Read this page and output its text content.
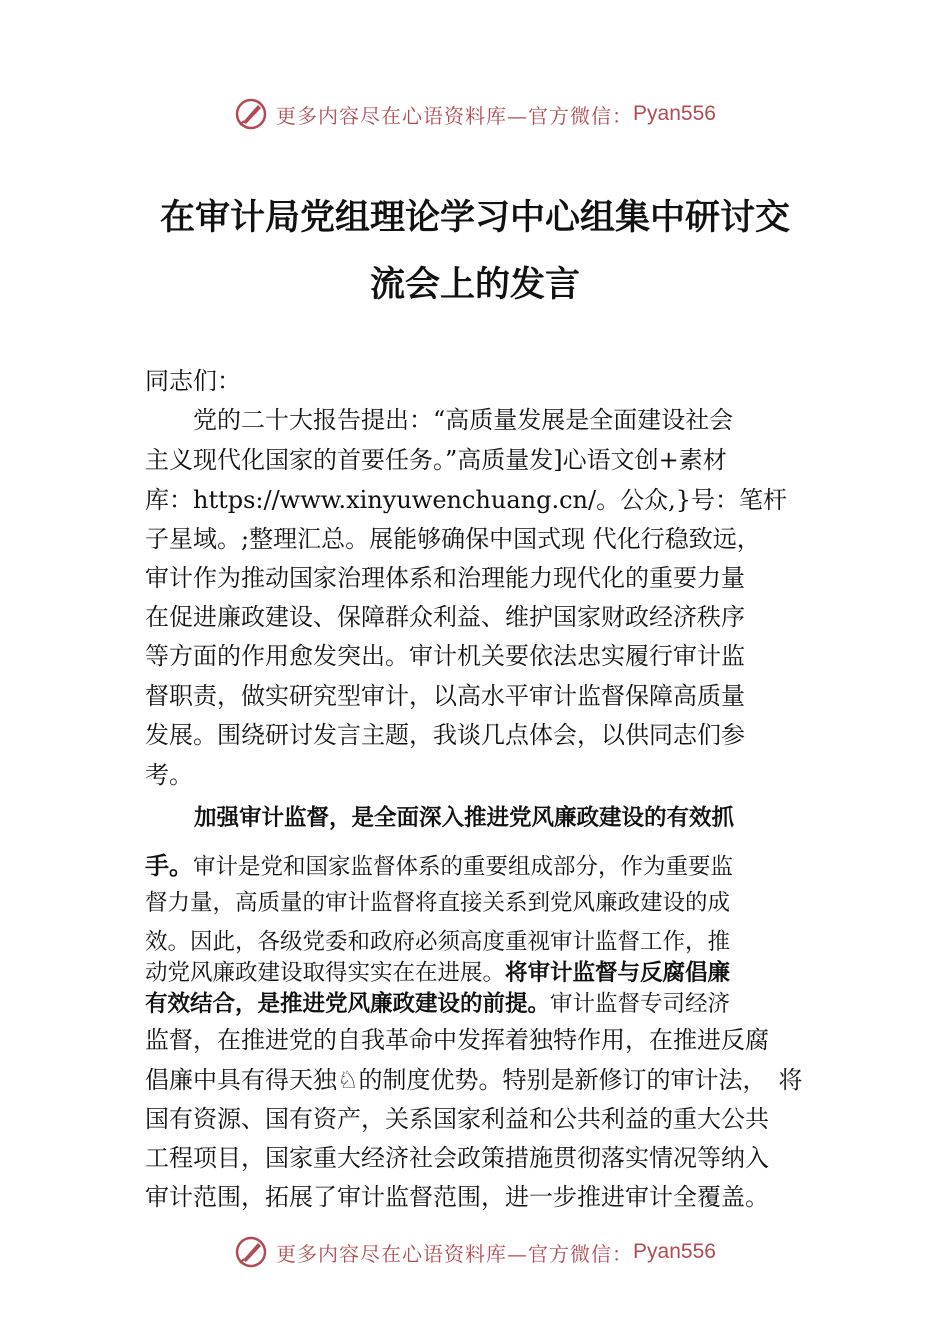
更多内容尽在心语资料库—官方微信： Pyan556
在审计局党组理论学习中心组集中研讨交
流会上的发言
同志们：
　　党的二十大报告提出：“高质量发展是全面建设社会
主义现代化国家的首要任务。”高质量发]心语文创+素材
库：https://www.xinyuwenchuang.cn/。公众,}号：笔杆
子星域。;整理汇总。展能够确保中国式现 代化行稳致远，
审计作为推动国家治理体系和治理能力现代化的重要力量
在促进廉政建设、保障群众利益、维护国家财政经济秩序
等方面的作用愈发突出。审计机关要依法忠实履行审计监
督职责，做实研究型审计，以高水平审计监督保障高质量
发展。围绕研讨发言主题，我谈几点体会，以供同志们参
考。
加强审计监督，是全面深入推进党风廉政建设的有效抓
手。审计是党和国家监督体系的重要组成部分，作为重要监
督力量，高质量的审计监督将直接关系到党风廉政建设的成
效。因此，各级党委和政府必须高度重视审计监督工作，推
动党风廉政建设取得实实在在进展。将审计监督与反腐倡廉
有效结合，是推进党风廉政建设的前提。审计监督专司经济
监督，在推进党的自我革命中发挥着独特作用，在推进反腐
倡廉中具有得天独♘的制度优势。特别是新修订的审计法，　将
国有资源、国有资产，关系国家利益和公共利益的重大公共
工程项目，国家重大经济社会政策措施贯彻落实情况等纳入
审计范围，拓展了审计监督范围，进一步推进审计全覆盖。
更多内容尽在心语资料库—官方微信： Pyan556
